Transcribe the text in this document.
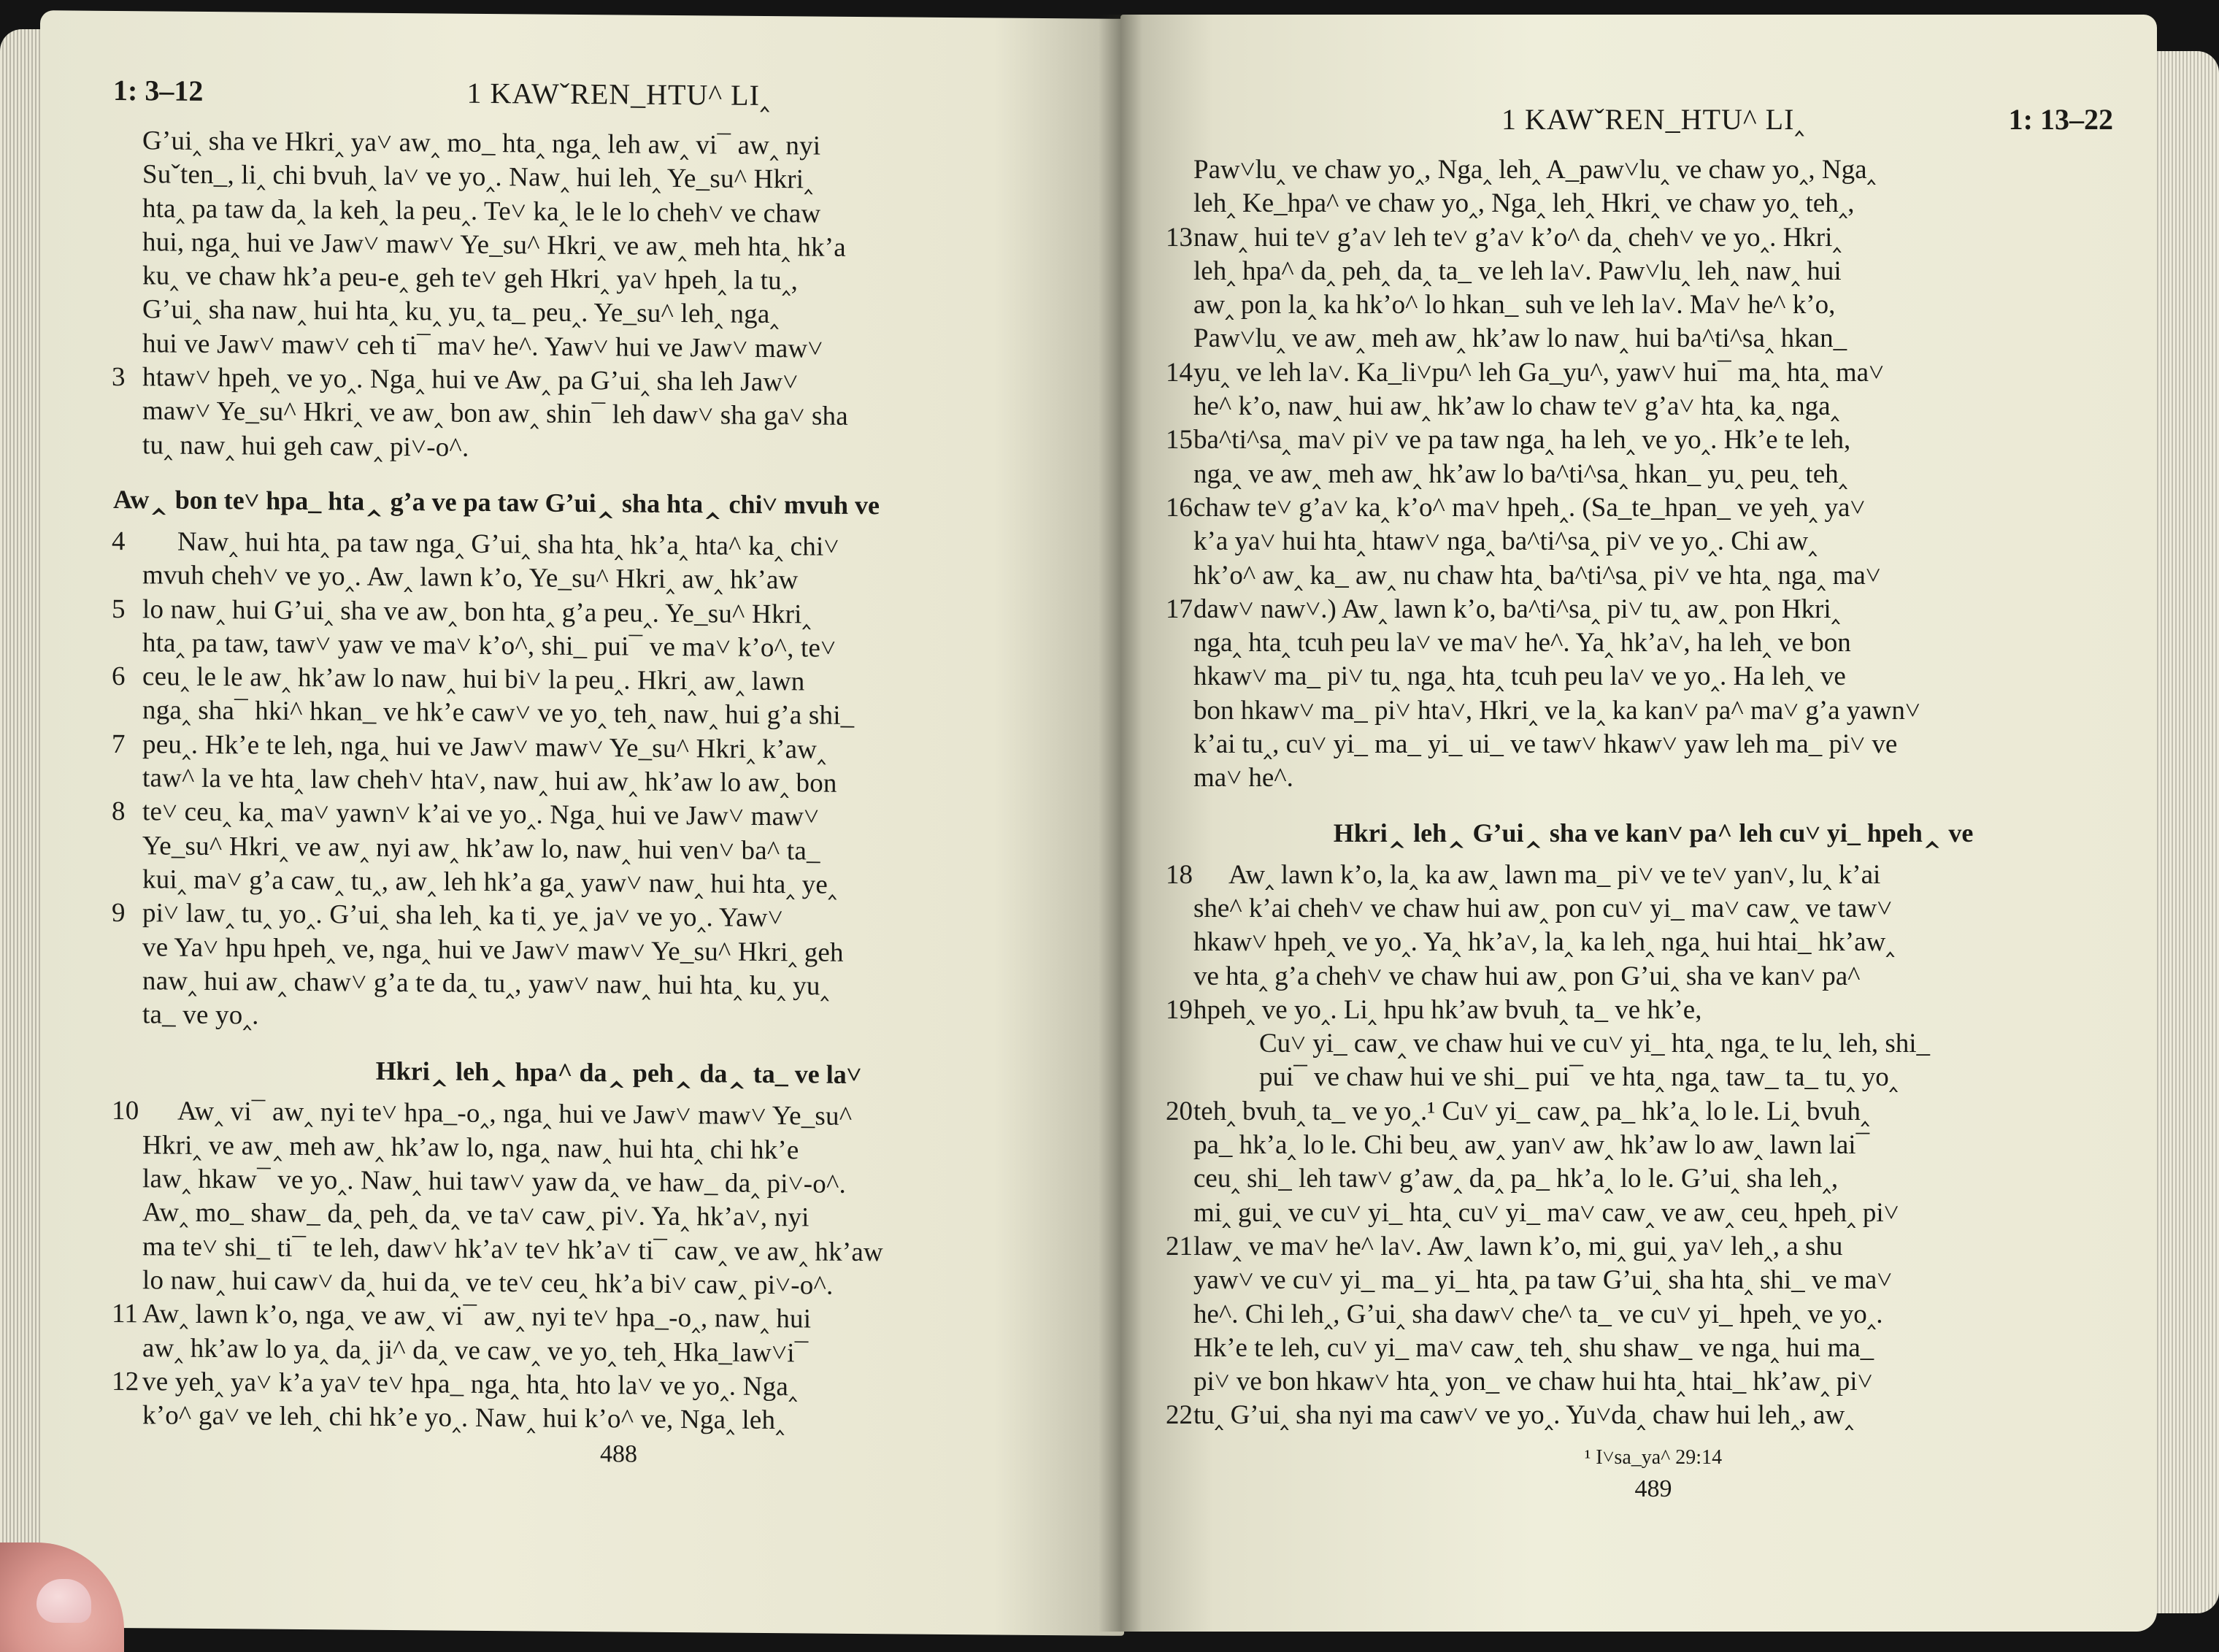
1: 3–12	1 KAWˇREN_HTU^ LI‸
G’ui‸ sha ve Hkri‸ ya˅ aw‸ mo_ hta‸ nga‸ leh aw‸ vi¯ aw‸ nyi
Suˇten_, li‸ chi bvuh‸ la˅ ve yo‸. Naw‸ hui leh‸ Ye_su^ Hkri‸
hta‸ pa taw da‸ la keh‸ la peu‸. Te˅ ka‸ le le lo cheh˅ ve chaw
hui, nga‸ hui ve Jaw˅ maw˅ Ye_su^ Hkri‸ ve aw‸ meh hta‸ hk’a
ku‸ ve chaw hk’a peu-e‸ geh te˅ geh Hkri‸ ya˅ hpeh‸ la tu‸,
G’ui‸ sha naw‸ hui hta‸ ku‸ yu‸ ta_ peu‸. Ye_su^ leh‸ nga‸
hui ve Jaw˅ maw˅ ceh ti¯ ma˅ he^. Yaw˅ hui ve Jaw˅ maw˅
3 htaw˅ hpeh‸ ve yo‸. Nga‸ hui ve Aw‸ pa G’ui‸ sha leh Jaw˅
maw˅ Ye_su^ Hkri‸ ve aw‸ bon aw‸ shin¯ leh daw˅ sha ga˅ sha
tu‸ naw‸ hui geh caw‸ pi˅-o^.
Aw‸ bon te˅ hpa_ hta‸ g’a ve pa taw G’ui‸ sha hta‸ chi˅ mvuh ve
4 Naw‸ hui hta‸ pa taw nga‸ G’ui‸ sha hta‸ hk’a‸ hta^ ka‸ chi˅
mvuh cheh˅ ve yo‸. Aw‸ lawn k’o, Ye_su^ Hkri‸ aw‸ hk’aw
5 lo naw‸ hui G’ui‸ sha ve aw‸ bon hta‸ g’a peu‸. Ye_su^ Hkri‸
hta‸ pa taw, taw˅ yaw ve ma˅ k’o^, shi_ pui¯ ve ma˅ k’o^, te˅
6 ceu‸ le le aw‸ hk’aw lo naw‸ hui bi˅ la peu‸. Hkri‸ aw‸ lawn
nga‸ sha¯ hki^ hkan_ ve hk’e caw˅ ve yo‸ teh‸ naw‸ hui g’a shi_
7 peu‸. Hk’e te leh, nga‸ hui ve Jaw˅ maw˅ Ye_su^ Hkri‸ k’aw‸
taw^ la ve hta‸ law cheh˅ hta˅, naw‸ hui aw‸ hk’aw lo aw‸ bon
8 te˅ ceu‸ ka‸ ma˅ yawn˅ k’ai ve yo‸. Nga‸ hui ve Jaw˅ maw˅
Ye_su^ Hkri‸ ve aw‸ nyi aw‸ hk’aw lo, naw‸ hui ven˅ ba^ ta_
kui‸ ma˅ g’a caw‸ tu‸, aw‸ leh hk’a ga‸ yaw˅ naw‸ hui hta‸ ye‸
9 pi˅ law‸ tu‸ yo‸. G’ui‸ sha leh‸ ka ti‸ ye‸ ja˅ ve yo‸. Yaw˅
ve Ya˅ hpu hpeh‸ ve, nga‸ hui ve Jaw˅ maw˅ Ye_su^ Hkri‸ geh
naw‸ hui aw‸ chaw˅ g’a te da‸ tu‸, yaw˅ naw‸ hui hta‸ ku‸ yu‸
ta_ ve yo‸.
Hkri‸ leh‸ hpa^ da‸ peh‸ da‸ ta_ ve la˅
10 Aw‸ vi¯ aw‸ nyi te˅ hpa_-o‸, nga‸ hui ve Jaw˅ maw˅ Ye_su^
Hkri‸ ve aw‸ meh aw‸ hk’aw lo, nga‸ naw‸ hui hta‸ chi hk’e
law‸ hkaw¯ ve yo‸. Naw‸ hui taw˅ yaw da‸ ve haw_ da‸ pi˅-o^.
Aw‸ mo_ shaw_ da‸ peh‸ da‸ ve ta˅ caw‸ pi˅. Ya‸ hk’a˅, nyi
ma te˅ shi_ ti¯ te leh, daw˅ hk’a˅ te˅ hk’a˅ ti¯ caw‸ ve aw‸ hk’aw
lo naw‸ hui caw˅ da‸ hui da‸ ve te˅ ceu‸ hk’a bi˅ caw‸ pi˅-o^.
11 Aw‸ lawn k’o, nga‸ ve aw‸ vi¯ aw‸ nyi te˅ hpa_-o‸, naw‸ hui
aw‸ hk’aw lo ya‸ da‸ ji^ da‸ ve caw‸ ve yo‸ teh‸ Hka_law˅i¯
12 ve yeh‸ ya˅ k’a ya˅ te˅ hpa_ nga‸ hta‸ hto la˅ ve yo‸. Nga‸
k’o^ ga˅ ve leh‸ chi hk’e yo‸. Naw‸ hui k’o^ ve, Nga‸ leh‸
488
1 KAWˇREN_HTU^ LI‸	1: 13–22
Paw˅lu‸ ve chaw yo‸, Nga‸ leh‸ A_paw˅lu‸ ve chaw yo‸, Nga‸
leh‸ Ke_hpa^ ve chaw yo‸, Nga‸ leh‸ Hkri‸ ve chaw yo‸ teh‸,
13 naw‸ hui te˅ g’a˅ leh te˅ g’a˅ k’o^ da‸ cheh˅ ve yo‸. Hkri‸
leh‸ hpa^ da‸ peh‸ da‸ ta_ ve leh la˅. Paw˅lu‸ leh‸ naw‸ hui
aw‸ pon la‸ ka hk’o^ lo hkan_ suh ve leh la˅. Ma˅ he^ k’o,
Paw˅lu‸ ve aw‸ meh aw‸ hk’aw lo naw‸ hui ba^ti^sa‸ hkan_
14 yu‸ ve leh la˅. Ka_li˅pu^ leh Ga_yu^, yaw˅ hui¯ ma‸ hta‸ ma˅
he^ k’o, naw‸ hui aw‸ hk’aw lo chaw te˅ g’a˅ hta‸ ka‸ nga‸
15 ba^ti^sa‸ ma˅ pi˅ ve pa taw nga‸ ha leh‸ ve yo‸. Hk’e te leh,
nga‸ ve aw‸ meh aw‸ hk’aw lo ba^ti^sa‸ hkan_ yu‸ peu‸ teh‸
16 chaw te˅ g’a˅ ka‸ k’o^ ma˅ hpeh‸. (Sa_te_hpan_ ve yeh‸ ya˅
k’a ya˅ hui hta‸ htaw˅ nga‸ ba^ti^sa‸ pi˅ ve yo‸. Chi aw‸
hk’o^ aw‸ ka_ aw‸ nu chaw hta‸ ba^ti^sa‸ pi˅ ve hta‸ nga‸ ma˅
17 daw˅ naw˅.) Aw‸ lawn k’o, ba^ti^sa‸ pi˅ tu‸ aw‸ pon Hkri‸
nga‸ hta‸ tcuh peu la˅ ve ma˅ he^. Ya‸ hk’a˅, ha leh‸ ve bon
hkaw˅ ma_ pi˅ tu‸ nga‸ hta‸ tcuh peu la˅ ve yo‸. Ha leh‸ ve
bon hkaw˅ ma_ pi˅ hta˅, Hkri‸ ve la‸ ka kan˅ pa^ ma˅ g’a yawn˅
k’ai tu‸, cu˅ yi_ ma_ yi_ ui_ ve taw˅ hkaw˅ yaw leh ma_ pi˅ ve
ma˅ he^.
Hkri‸ leh‸ G’ui‸ sha ve kan˅ pa^ leh cu˅ yi_ hpeh‸ ve
18 Aw‸ lawn k’o, la‸ ka aw‸ lawn ma_ pi˅ ve te˅ yan˅, lu‸ k’ai
she^ k’ai cheh˅ ve chaw hui aw‸ pon cu˅ yi_ ma˅ caw‸ ve taw˅
hkaw˅ hpeh‸ ve yo‸. Ya‸ hk’a˅, la‸ ka leh‸ nga‸ hui htai_ hk’aw‸
ve hta‸ g’a cheh˅ ve chaw hui aw‸ pon G’ui‸ sha ve kan˅ pa^
19 hpeh‸ ve yo‸. Li‸ hpu hk’aw bvuh‸ ta_ ve hk’e,
Cu˅ yi_ caw‸ ve chaw hui ve cu˅ yi_ hta‸ nga‸ te lu‸ leh, shi_
pui¯ ve chaw hui ve shi_ pui¯ ve hta‸ nga‸ taw_ ta_ tu‸ yo‸
20 teh‸ bvuh‸ ta_ ve yo‸.¹ Cu˅ yi_ caw‸ pa_ hk’a‸ lo le. Li‸ bvuh‸
pa_ hk’a‸ lo le. Chi beu‸ aw‸ yan˅ aw‸ hk’aw lo aw‸ lawn lai¯
ceu‸ shi_ leh taw˅ g’aw‸ da‸ pa_ hk’a‸ lo le. G’ui‸ sha leh‸,
mi‸ gui‸ ve cu˅ yi_ hta‸ cu˅ yi_ ma˅ caw‸ ve aw‸ ceu‸ hpeh‸ pi˅
21 law‸ ve ma˅ he^ la˅. Aw‸ lawn k’o, mi‸ gui‸ ya˅ leh‸, a shu
yaw˅ ve cu˅ yi_ ma_ yi_ hta‸ pa taw G’ui‸ sha hta‸ shi_ ve ma˅
he^. Chi leh‸, G’ui‸ sha daw˅ che^ ta_ ve cu˅ yi_ hpeh‸ ve yo‸.
Hk’e te leh, cu˅ yi_ ma˅ caw‸ teh‸ shu shaw_ ve nga‸ hui ma_
pi˅ ve bon hkaw˅ hta‸ yon_ ve chaw hui hta‸ htai_ hk’aw‸ pi˅
22 tu‸ G’ui‸ sha nyi ma caw˅ ve yo‸. Yu˅da‸ chaw hui leh‸, aw‸
¹ I˅sa_ya^ 29:14
489
